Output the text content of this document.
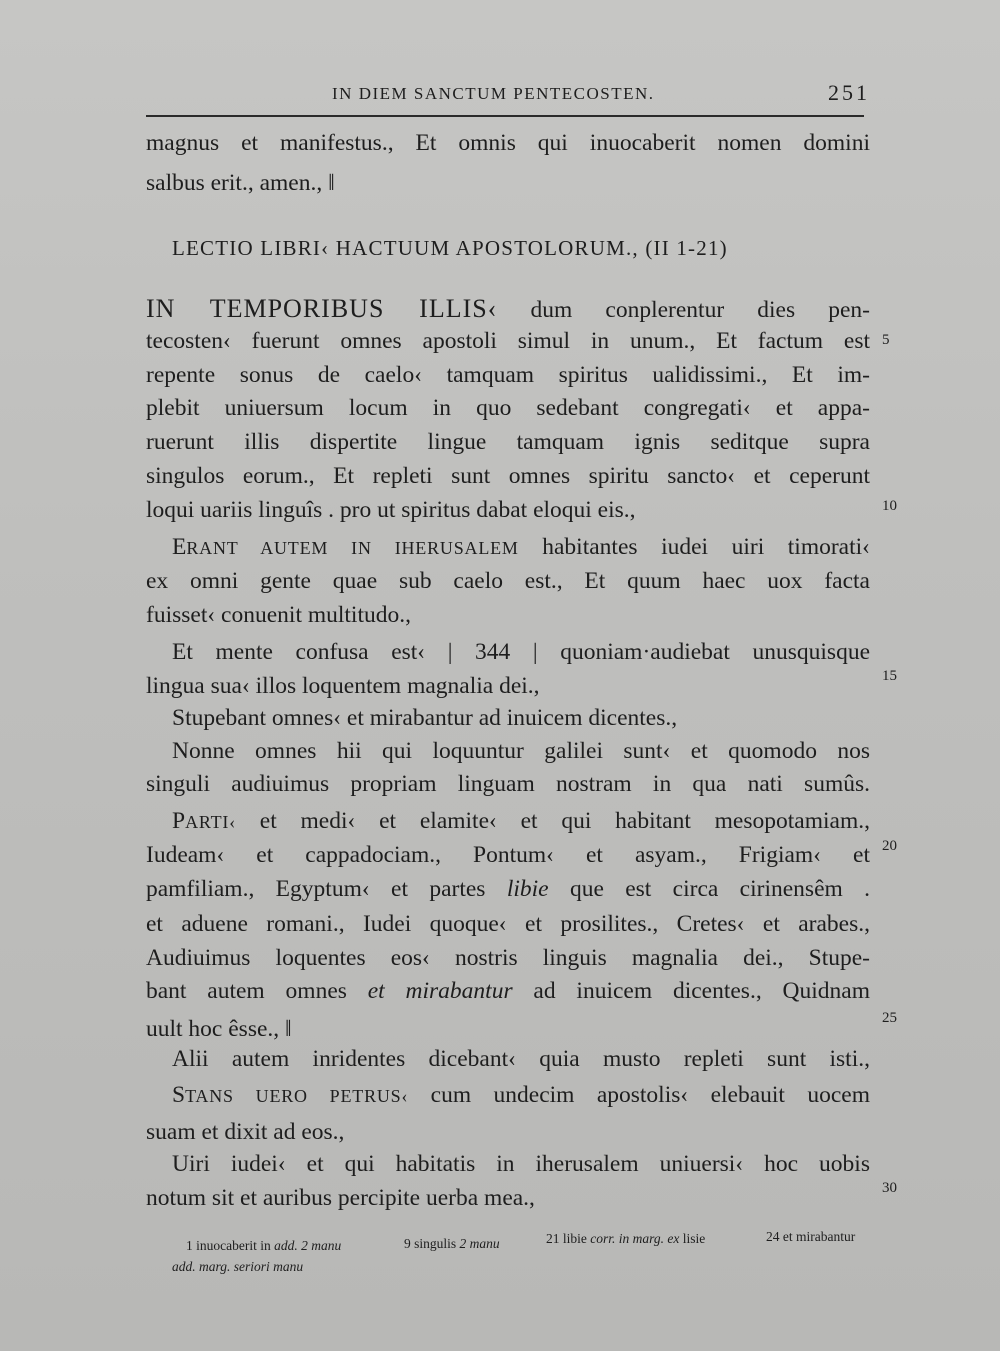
IN DIEM SANCTUM PENTECOSTEN.	251
magnus et manifestus., Et omnis qui inuocaberit nomen domini
salbus erit., amen., ‖
LECTIO LIBRI‹ HACTUUM APOSTOLORUM., (II 1-21)
IN TEMPORIBUS ILLIS‹ dum conplerentur dies pen-
tecosten‹ fuerunt omnes apostoli simul in unum., Et factum est
repente sonus de caelo‹ tamquam spiritus ualidissimi., Et im-
plebit uniuersum locum in quo sedebant congregati‹ et appa-
ruerunt illis dispertite lingue tamquam ignis seditque supra
singulos eorum., Et repleti sunt omnes spiritu sancto‹ et ceperunt
loqui uariis linguîs . pro ut spiritus dabat eloqui eis.,
ERANT AUTEM IN IHERUSALEM habitantes iudei uiri timorati‹
ex omni gente quae sub caelo est., Et quum haec uox facta
fuisset‹ conuenit multitudo.,
Et mente confusa est‹ | 344 | quoniam·audiebat unusquisque
lingua sua‹ illos loquentem magnalia dei.,
Stupebant omnes‹ et mirabantur ad inuicem dicentes.,
Nonne omnes hii qui loquuntur galilei sunt‹ et quomodo nos
singuli audiuimus propriam linguam nostram in qua nati sumûs.
PARTI‹ et medi‹ et elamite‹ et qui habitant mesopotamiam.,
Iudeam‹ et cappadociam., Pontum‹ et asyam., Frigiam‹ et
pamfiliam., Egyptum‹ et partes libie que est circa cirinensêm .
et aduene romani., Iudei quoque‹ et prosilites., Cretes‹ et arabes.,
Audiuimus loquentes eos‹ nostris linguis magnalia dei., Stupe-
bant autem omnes et mirabantur ad inuicem dicentes., Quidnam
uult hoc êsse., ‖
Alii autem inridentes dicebant‹ quia musto repleti sunt isti.,
STANS UERO PETRUS‹ cum undecim apostolis‹ elebauit uocem
suam et dixit ad eos.,
Uiri iudei‹ et qui habitatis in iherusalem uniuersi‹ hoc uobis
notum sit et auribus percipite uerba mea.,
5
10
15
20
25
30
1 inuocaberit in add. 2 manu	9 singulis 2 manu	21 libie corr. in marg. ex lisie	24 et mirabantur
add. marg. seriori manu
